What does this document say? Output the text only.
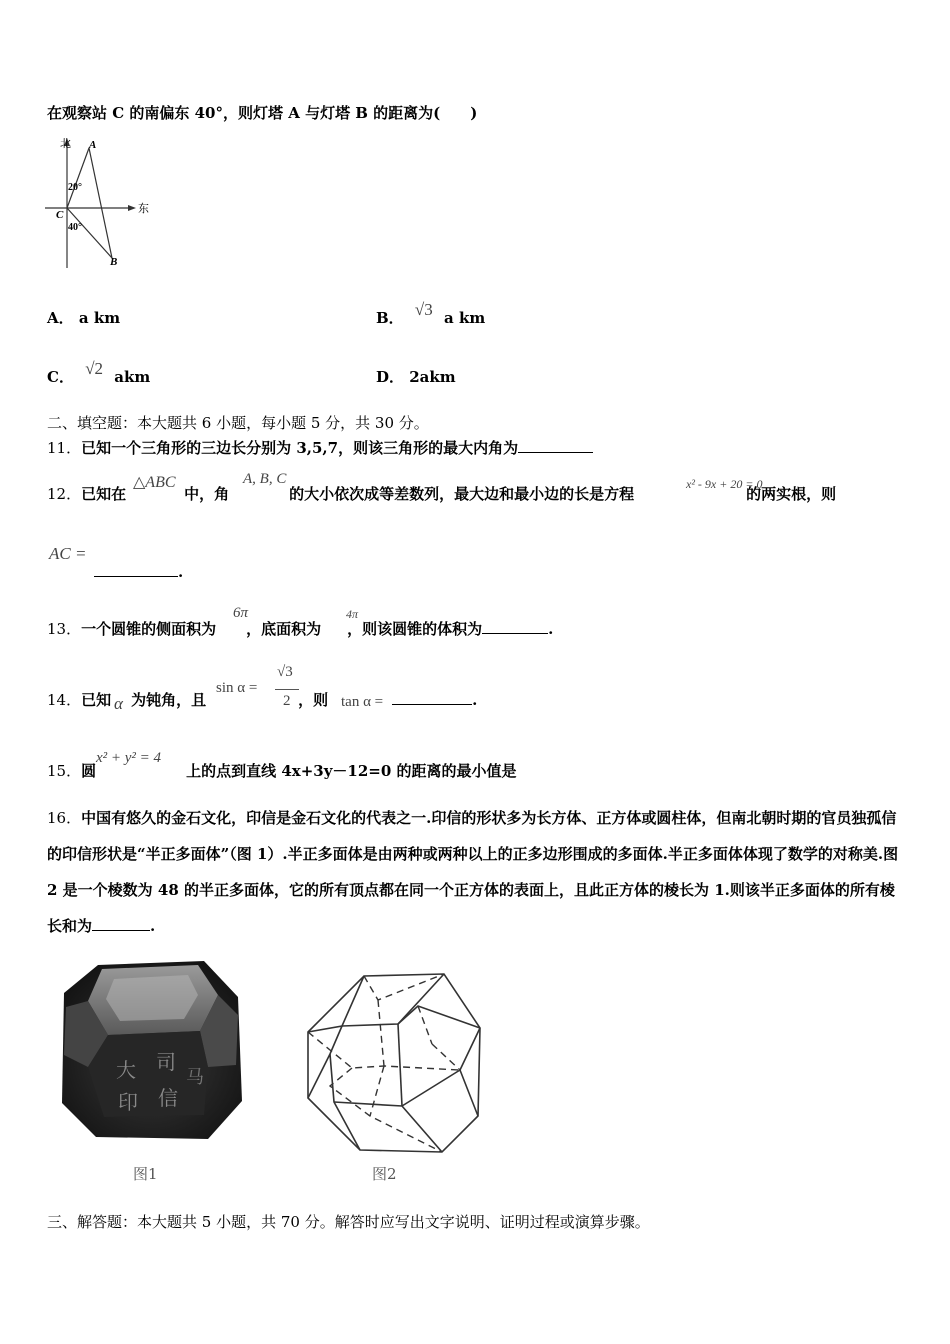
在观察站 C 的南偏东 40°，则灯塔 A 与灯塔 B 的距离为(　　)
北
东
A
B
C
20°
40°
A． a km	B． √3 a km
C． √2 akm	D． 2akm
二、填空题：本大题共 6 小题，每小题 5 分，共 30 分。
11．已知一个三角形的三边长分别为 3,5,7，则该三角形的最大内角为
12．已知在	中，角	的大小依次成等差数列，最大边和最小边的长是方程	的两实根，则
△ABC	A, B, C	x² - 9x + 20 = 0
AC =
.
13．一个圆锥的侧面积为 ，底面积为 ，则该圆锥的体积为	.
6π	4π
14．已知 为钝角，且	，则	.
α
sin α =
√3
2	tan α =
15．圆	上的点到直线 4x+3y－12=0 的距离的最小值是
x² + y² = 4
16．中国有悠久的金石文化，印信是金石文化的代表之一.印信的形状多为长方体、正方体或圆柱体，但南北朝时期的官员独孤信的印信形状是“半正多面体”（图 1）.半正多面体是由两种或两种以上的正多边形围成的多面体.半正多面体体现了数学的对称美.图 2 是一个棱数为 48 的半正多面体，它的所有顶点都在同一个正方体的表面上，且此正方体的棱长为 1.则该半正多面体的所有棱长和为	.
大 司
马
印 信
图1	图2
三、解答题：本大题共 5 小题，共 70 分。解答时应写出文字说明、证明过程或演算步骤。
